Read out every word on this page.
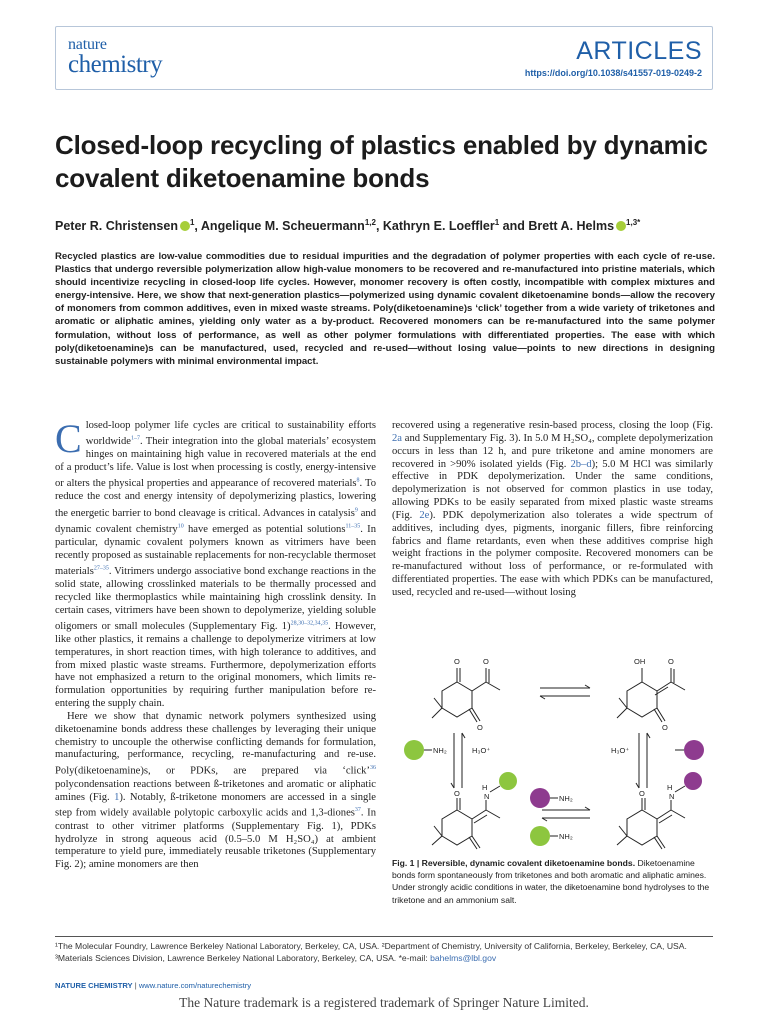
nature
chemistry	ARTICLES
https://doi.org/10.1038/s41557-019-0249-2
Closed-loop recycling of plastics enabled by dynamic covalent diketoenamine bonds
Peter R. Christensen $^1$, Angelique M. Scheuermann$^{1,2}$, Kathryn E. Loeffler$^1$ and Brett A. Helms $^{1,3*}$
Recycled plastics are low-value commodities due to residual impurities and the degradation of polymer properties with each cycle of re-use. Plastics that undergo reversible polymerization allow high-value monomers to be recovered and re-manufactured into pristine materials, which should incentivize recycling in closed-loop life cycles. However, monomer recovery is often costly, incompatible with complex mixtures and energy-intensive. Here, we show that next-generation plastics—polymerized using dynamic covalent diketoenamine bonds—allow the recovery of monomers from common additives, even in mixed waste streams. Poly(diketoenamine)s ‘click’ together from a wide variety of triketones and aromatic or aliphatic amines, yielding only water as a by-product. Recovered monomers can be re-manufactured into the same polymer formulation, without loss of performance, as well as other polymer formulations with differentiated properties. The ease with which poly(diketoenamine)s can be manufactured, used, recycled and re-used—without losing value—points to new directions in designing sustainable polymers with minimal environmental impact.

Closed-loop polymer life cycles are critical to sustainability efforts worldwide$^{1-7}$. Their integration into the global materials’ ecosystem hinges on maintaining high value in recovered materials at the end of a product’s life. Value is lost when processing is costly, energy-intensive or alters the physical properties and appearance of recovered materials$^8$. To reduce the cost and energy intensity of depolymerizing plastics, lowering the energetic barrier to bond cleavage is critical. Advances in catalysis$^9$ and dynamic covalent chemistry$^{10}$ have emerged as potential solutions$^{11-35}$. In particular, dynamic covalent polymers known as vitrimers have been recently proposed as sustainable replacements for non-recyclable thermoset materials$^{27-35}$. Vitrimers undergo associative bond exchange reactions in the solid state, allowing crosslinked materials to be thermally processed and recycled like thermoplastics while maintaining high crosslink density. In certain cases, vitrimers have been shown to depolymerize, yielding soluble oligomers or small molecules (Supplementary Fig. 1)$^{28,30-32,34,35}$. However, like other plastics, it remains a challenge to depolymerize vitrimers at low temperatures, in short reaction times, with high tolerance to additives, and from mixed plastic waste streams. Furthermore, depolymerization efforts have not emphasized a return to the original monomers, which limits re-formulation opportunities by requiring further manipulation before re-entering the supply chain.

Here we show that dynamic network polymers synthesized using diketoenamine bonds address these challenges by leveraging their unique chemistry to uncouple the otherwise conflicting demands for formulation, manufacturing, performance, recycling, re-manufacturing and re-use. Poly(diketoenamine)s, or PDKs, are prepared via ‘click’$^{36}$ polycondensation reactions between ß-triketones and aromatic or aliphatic amines (Fig. 1). Notably, ß-triketone monomers are accessed in a single step from widely available polytopic carboxylic acids and 1,3-diones$^{37}$. In contrast to other vitrimer platforms (Supplementary Fig. 1), PDKs hydrolyze in strong aqueous acid (0.5–5.0 M H₂SO₄) at ambient temperature to yield pure, immediately reusable triketones (Supplementary Fig. 2); amine monomers are then

recovered using a regenerative resin-based process, closing the loop (Fig. 2a and Supplementary Fig. 3). In 5.0 M H₂SO₄, complete depolymerization occurs in less than 12 h, and pure triketone and amine monomers are recovered in >90% isolated yields (Fig. 2b–d); 5.0 M HCl was similarly effective in PDK depolymerization. Under the same conditions, depolymerization is not observed for common plastics in use today, allowing PDKs to be easily separated from mixed plastic waste streams (Fig. 2e). PDK depolymerization also tolerates a wide spectrum of additives, including dyes, pigments, inorganic fillers, fibre reinforcing fabrics and flame retardants, even when these additives comprise high weight fractions in the polymer composite. Recovered monomers can be re-manufactured without loss of performance, or re-formulated with differentiated properties. The ease with which PDKs can be manufactured, used, recycled and re-used—without losing

O	O
O
OH	O
O
O	O
H
N
H
N
NH₂
NH₂
NH₂
H₃O⁺	H₃O⁺
Fig. 1 | Reversible, dynamic covalent diketoenamine bonds. Diketoenamine bonds form spontaneously from triketones and both aromatic and aliphatic amines. Under strongly acidic conditions in water, the diketoenamine bond hydrolyses to the triketone and an ammonium salt.
¹The Molecular Foundry, Lawrence Berkeley National Laboratory, Berkeley, CA, USA. ²Department of Chemistry, University of California, Berkeley, Berkeley, CA, USA. ³Materials Sciences Division, Lawrence Berkeley National Laboratory, Berkeley, CA, USA. *e-mail: bahelms@lbl.gov
NATURE CHEMISTRY | www.nature.com/naturechemistry
The Nature trademark is a registered trademark of Springer Nature Limited.
